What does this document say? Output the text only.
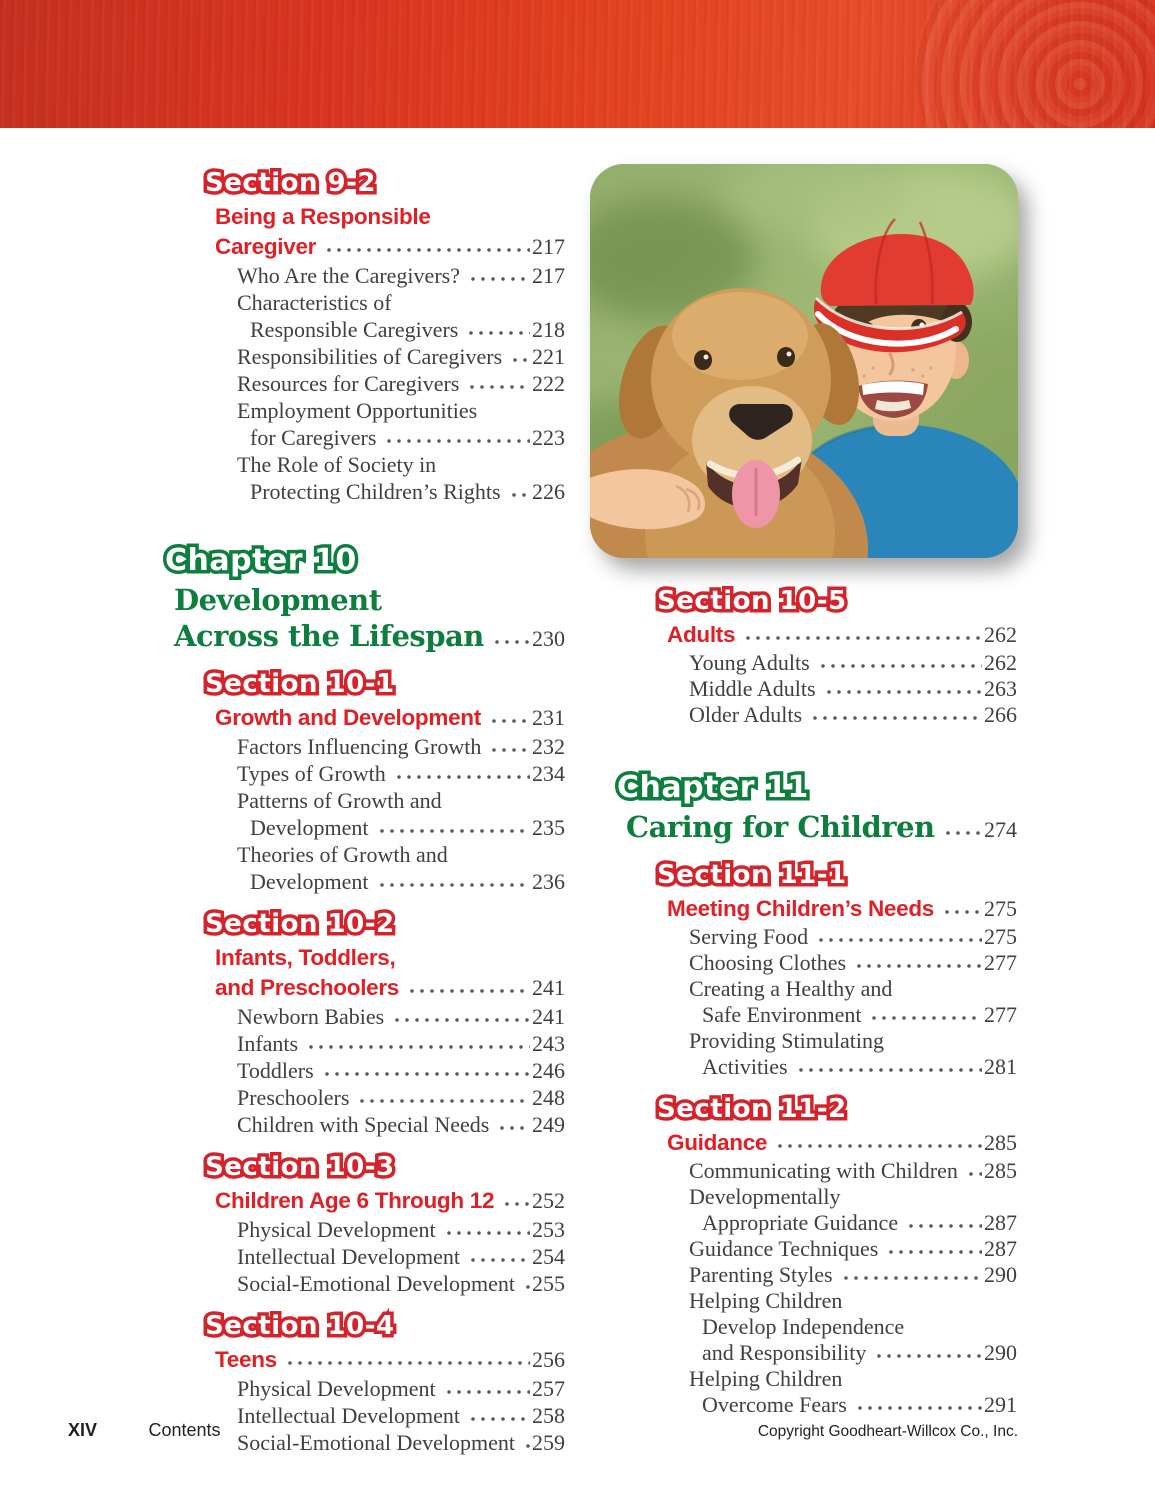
Section 9-2 Section 9-2
Being a Responsible
Caregiver	217
Who Are the Caregivers?	217
Characteristics of
Responsible Caregivers	218
Responsibilities of Caregivers 221
Resources for Caregivers	222
Employment Opportunities
for Caregivers	223
The Role of Society in
Protecting Children’s Rights 226
Chapter 10 Chapter 10
Development
Across the Lifespan 230
Section 10-1 Section 10-1
Growth and Development 231
Factors Influencing Growth 232
Types of Growth	234
Patterns of Growth and
Development	235
Theories of Growth and
Development	236
Section 10-2 Section 10-2
Infants, Toddlers,
and Preschoolers	241
Newborn Babies	241
Infants	243
Toddlers	246
Preschoolers	248
Children with Special Needs 249
Section 10-3 Section 10-3
Children Age 6 Through 12 252
Physical Development	253
Intellectual Development	254
Social-Emotional Development 255
Section 10-4 Section 10-4
Teens	256
Physical Development	257
Intellectual Development	258
Social-Emotional Development 259
Section 10-5 Section 10-5
Adults	262
Young Adults	262
Middle Adults	263
Older Adults	266
Chapter 11 Chapter 11
Caring for Children 274
Section 11-1 Section 11-1
Meeting Children’s Needs 275
Serving Food	275
Choosing Clothes	277
Creating a Healthy and
Safe Environment	277
Providing Stimulating
Activities	281
Section 11-2 Section 11-2
Guidance	285
Communicating with Children 285
Developmentally
Appropriate Guidance	287
Guidance Techniques	287
Parenting Styles	290
Helping Children
Develop Independence
and Responsibility	290
Helping Children
Overcome Fears	291
XIV	Contents	Copyright Goodheart-Willcox Co., Inc.
